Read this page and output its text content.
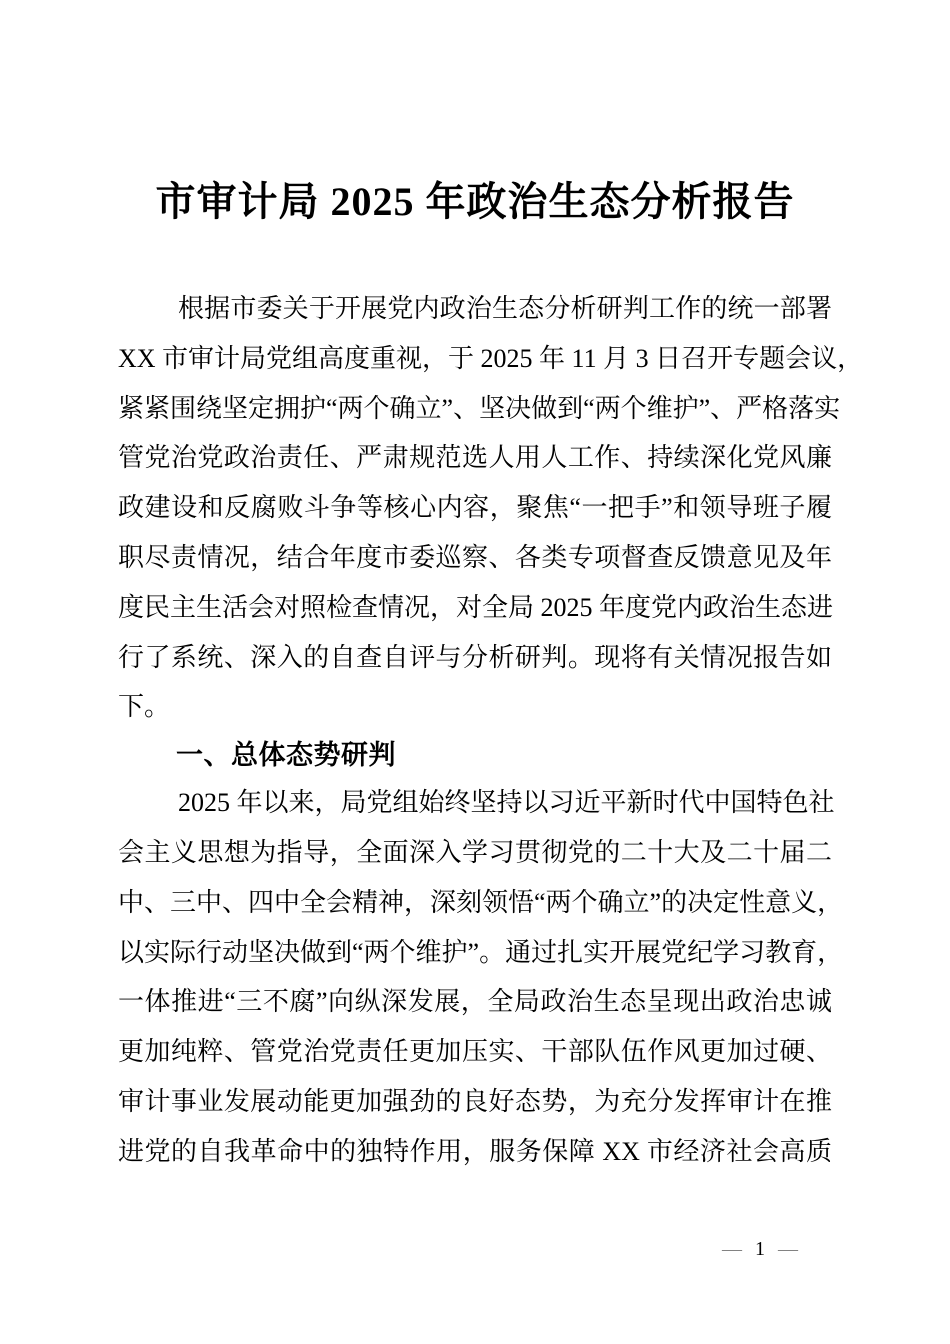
市审计局 2025 年政治生态分析报告
根据市委关于开展党内政治生态分析研判工作的统一部署
XX 市审计局党组高度重视，于 2025 年 11 月 3 日召开专题会议，
紧紧围绕坚定拥护“两个确立”、坚决做到“两个维护”、严格落实
管党治党政治责任、严肃规范选人用人工作、持续深化党风廉
政建设和反腐败斗争等核心内容，聚焦“一把手”和领导班子履
职尽责情况，结合年度市委巡察、各类专项督查反馈意见及年
度民主生活会对照检查情况，对全局 2025 年度党内政治生态进
行了系统、深入的自查自评与分析研判。现将有关情况报告如
下。
一、总体态势研判
2025 年以来，局党组始终坚持以习近平新时代中国特色社
会主义思想为指导，全面深入学习贯彻党的二十大及二十届二
中、三中、四中全会精神，深刻领悟“两个确立”的决定性意义，
以实际行动坚决做到“两个维护”。通过扎实开展党纪学习教育，
一体推进“三不腐”向纵深发展，全局政治生态呈现出政治忠诚
更加纯粹、管党治党责任更加压实、干部队伍作风更加过硬、
审计事业发展动能更加强劲的良好态势，为充分发挥审计在推
进党的自我革命中的独特作用，服务保障 XX 市经济社会高质
— 1 —
